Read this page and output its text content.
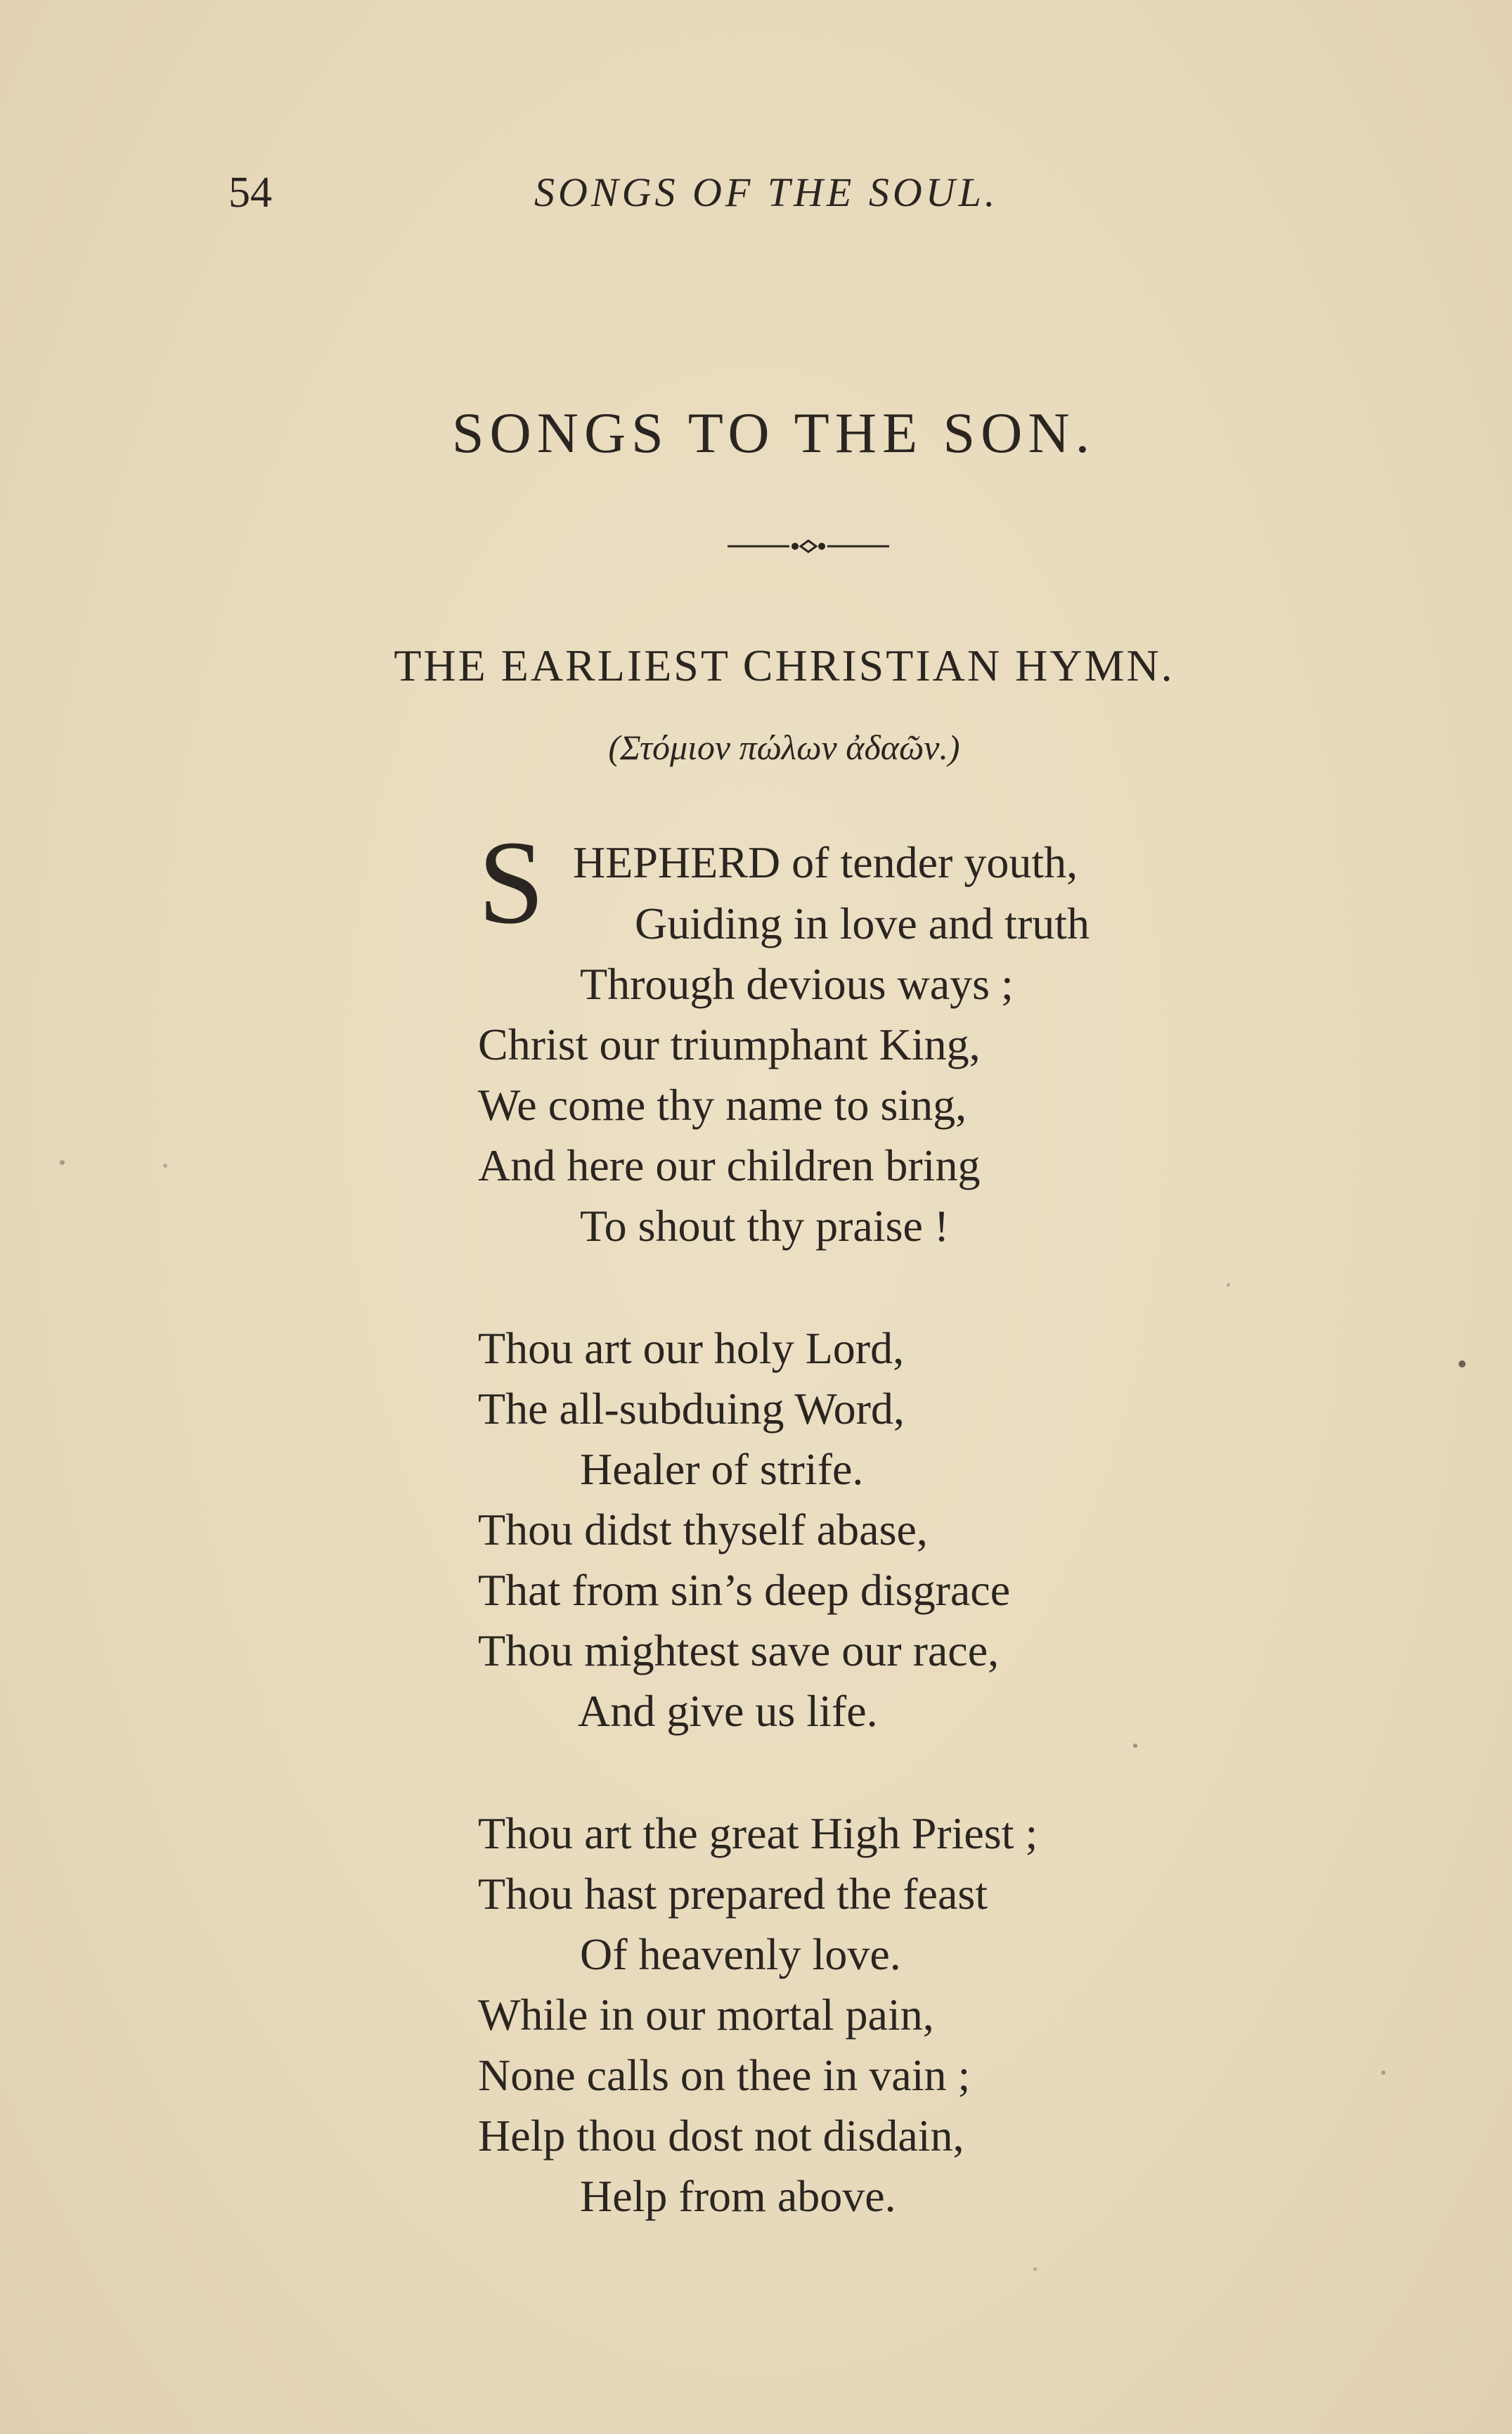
54	SONGS OF THE SOUL.
SONGS TO THE SON.
THE EARLIEST CHRISTIAN HYMN.
(Στόμιον πώλων ἀδαῶν.)
S HEPHERD of tender youth,
Guiding in love and truth
Through devious ways ;
Christ our triumphant King,
We come thy name to sing,
And here our children bring
To shout thy praise !
Thou art our holy Lord,
The all-subduing Word,
Healer of strife.
Thou didst thyself abase,
That from sin’s deep disgrace
Thou mightest save our race,
And give us life.
Thou art the great High Priest ;
Thou hast prepared the feast
Of heavenly love.
While in our mortal pain,
None calls on thee in vain ;
Help thou dost not disdain,
Help from above.
